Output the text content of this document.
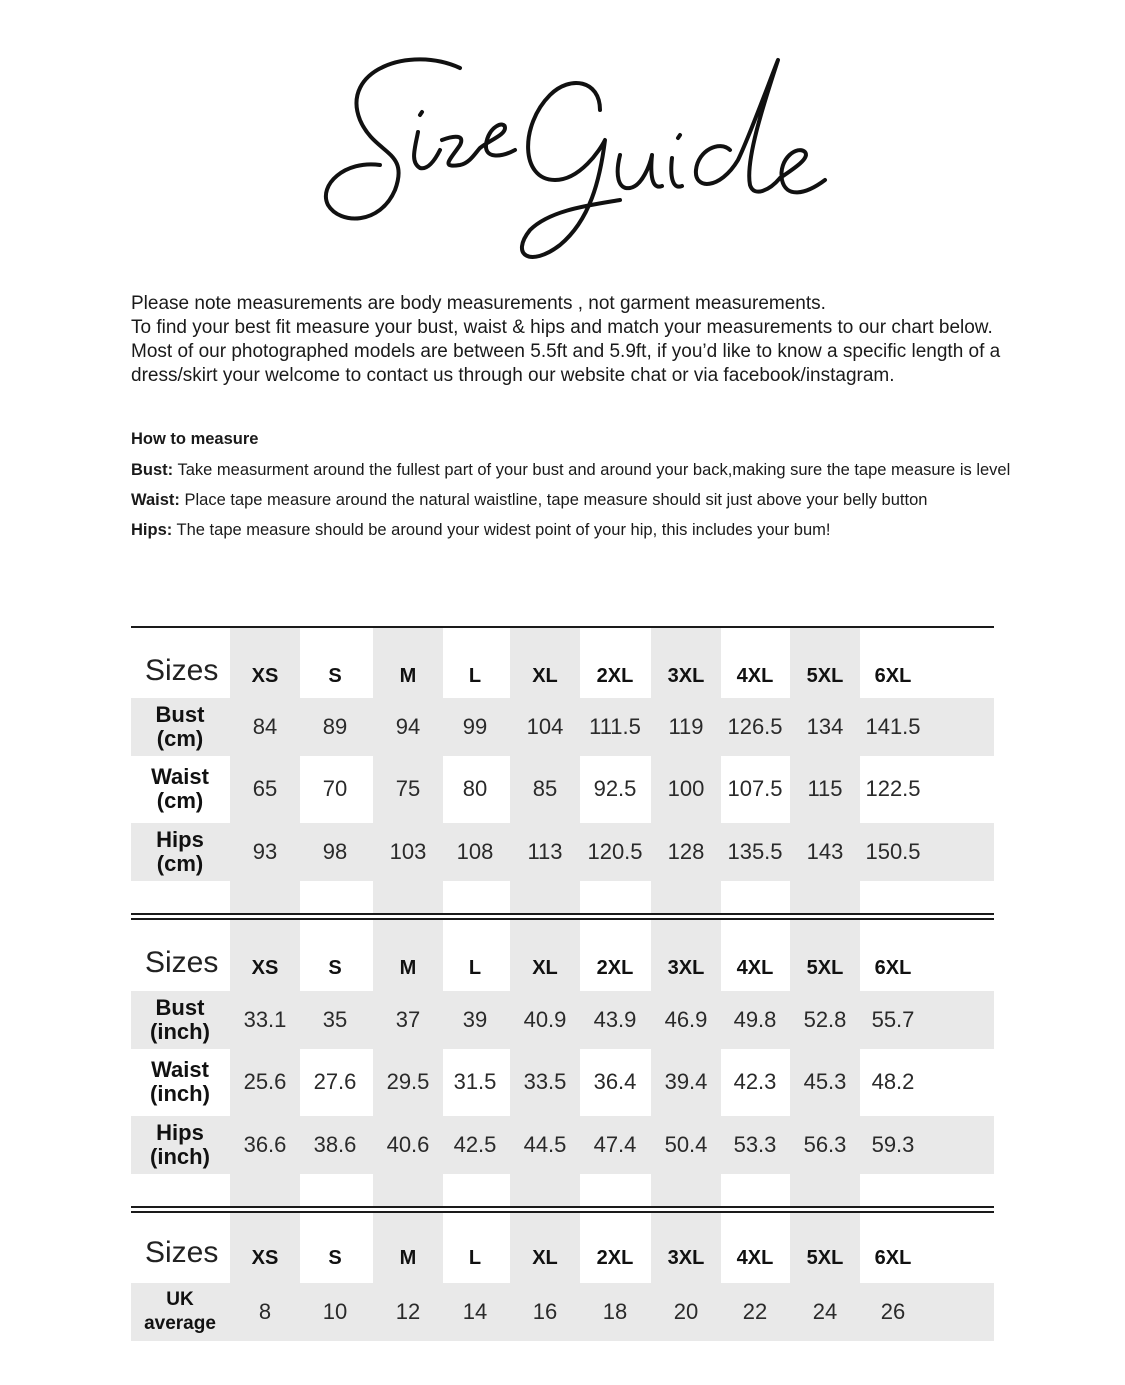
Please note measurements are body measurements , not garment measurements.

To find your best fit measure your bust, waist & hips and match your measurements to our chart below. Most of our photographed models are between 5.5ft and 5.9ft, if you’d like to know a specific length of a dress/skirt your welcome to contact us through our website chat or via facebook/instagram.

How to measure

Bust: Take measurment around the fullest part of your bust and around your back,making sure the tape measure is level

Waist: Place tape measure around the natural waistline, tape measure should sit just above your belly button

Hips: The tape measure should be around your widest point of your hip, this includes your bum!

Sizes	XS	S	M	L	XL	2XL	3XL	4XL	5XL	6XL
Bust
(cm)	84	89	94	99	104	111.5	119	126.5	134	141.5
Waist
(cm)	65	70	75	80	85	92.5	100	107.5	115	122.5
Hips
(cm)	93	98	103	108	113	120.5	128	135.5	143	150.5
Sizes	XS	S	M	L	XL	2XL	3XL	4XL	5XL	6XL
Bust
(inch)	33.1	35	37	39	40.9	43.9	46.9	49.8	52.8	55.7
Waist
(inch)	25.6	27.6	29.5	31.5	33.5	36.4	39.4	42.3	45.3	48.2
Hips
(inch)	36.6	38.6	40.6	42.5	44.5	47.4	50.4	53.3	56.3	59.3
Sizes	XS	S	M	L	XL	2XL	3XL	4XL	5XL	6XL
UK
average	8	10	12	14	16	18	20	22	24	26
